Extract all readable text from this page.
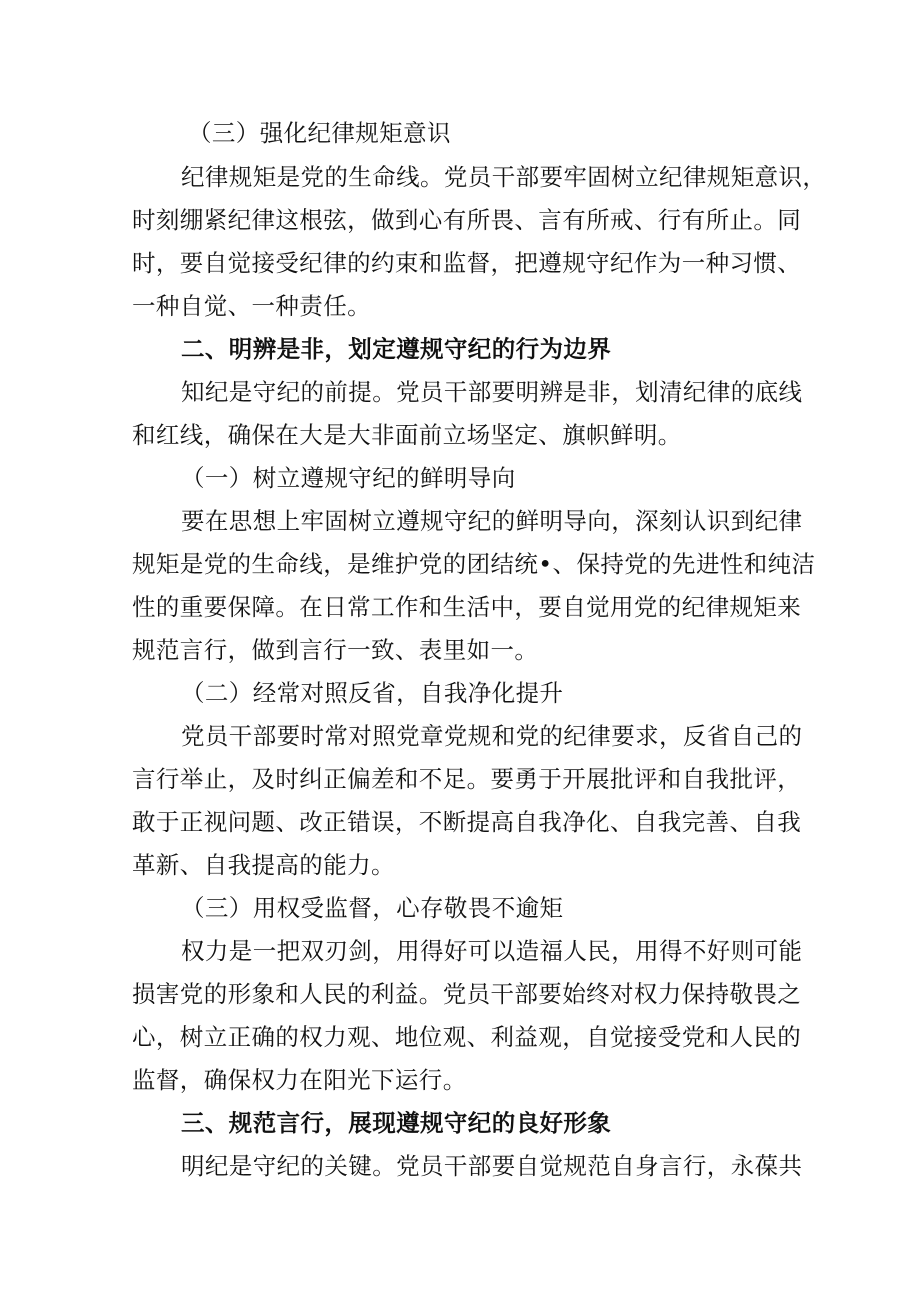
（三）强化纪律规矩意识
纪律规矩是党的生命线。党员干部要牢固树立纪律规矩意识，
时刻绷紧纪律这根弦，做到心有所畏、言有所戒、行有所止。同
时，要自觉接受纪律的约束和监督，把遵规守纪作为一种习惯、
一种自觉、一种责任。
二、明辨是非，划定遵规守纪的行为边界
知纪是守纪的前提。党员干部要明辨是非，划清纪律的底线
和红线，确保在大是大非面前立场坚定、旗帜鲜明。
（一）树立遵规守纪的鲜明导向
要在思想上牢固树立遵规守纪的鲜明导向，深刻认识到纪律
规矩是党的生命线，是维护党的团结统•、保持党的先进性和纯洁
性的重要保障。在日常工作和生活中，要自觉用党的纪律规矩来
规范言行，做到言行一致、表里如一。
（二）经常对照反省，自我净化提升
党员干部要时常对照党章党规和党的纪律要求，反省自己的
言行举止，及时纠正偏差和不足。要勇于开展批评和自我批评，
敢于正视问题、改正错误，不断提高自我净化、自我完善、自我
革新、自我提高的能力。
（三）用权受监督，心存敬畏不逾矩
权力是一把双刃剑，用得好可以造福人民，用得不好则可能
损害党的形象和人民的利益。党员干部要始终对权力保持敬畏之
心，树立正确的权力观、地位观、利益观，自觉接受党和人民的
监督，确保权力在阳光下运行。
三、规范言行，展现遵规守纪的良好形象
明纪是守纪的关键。党员干部要自觉规范自身言行，永葆共
